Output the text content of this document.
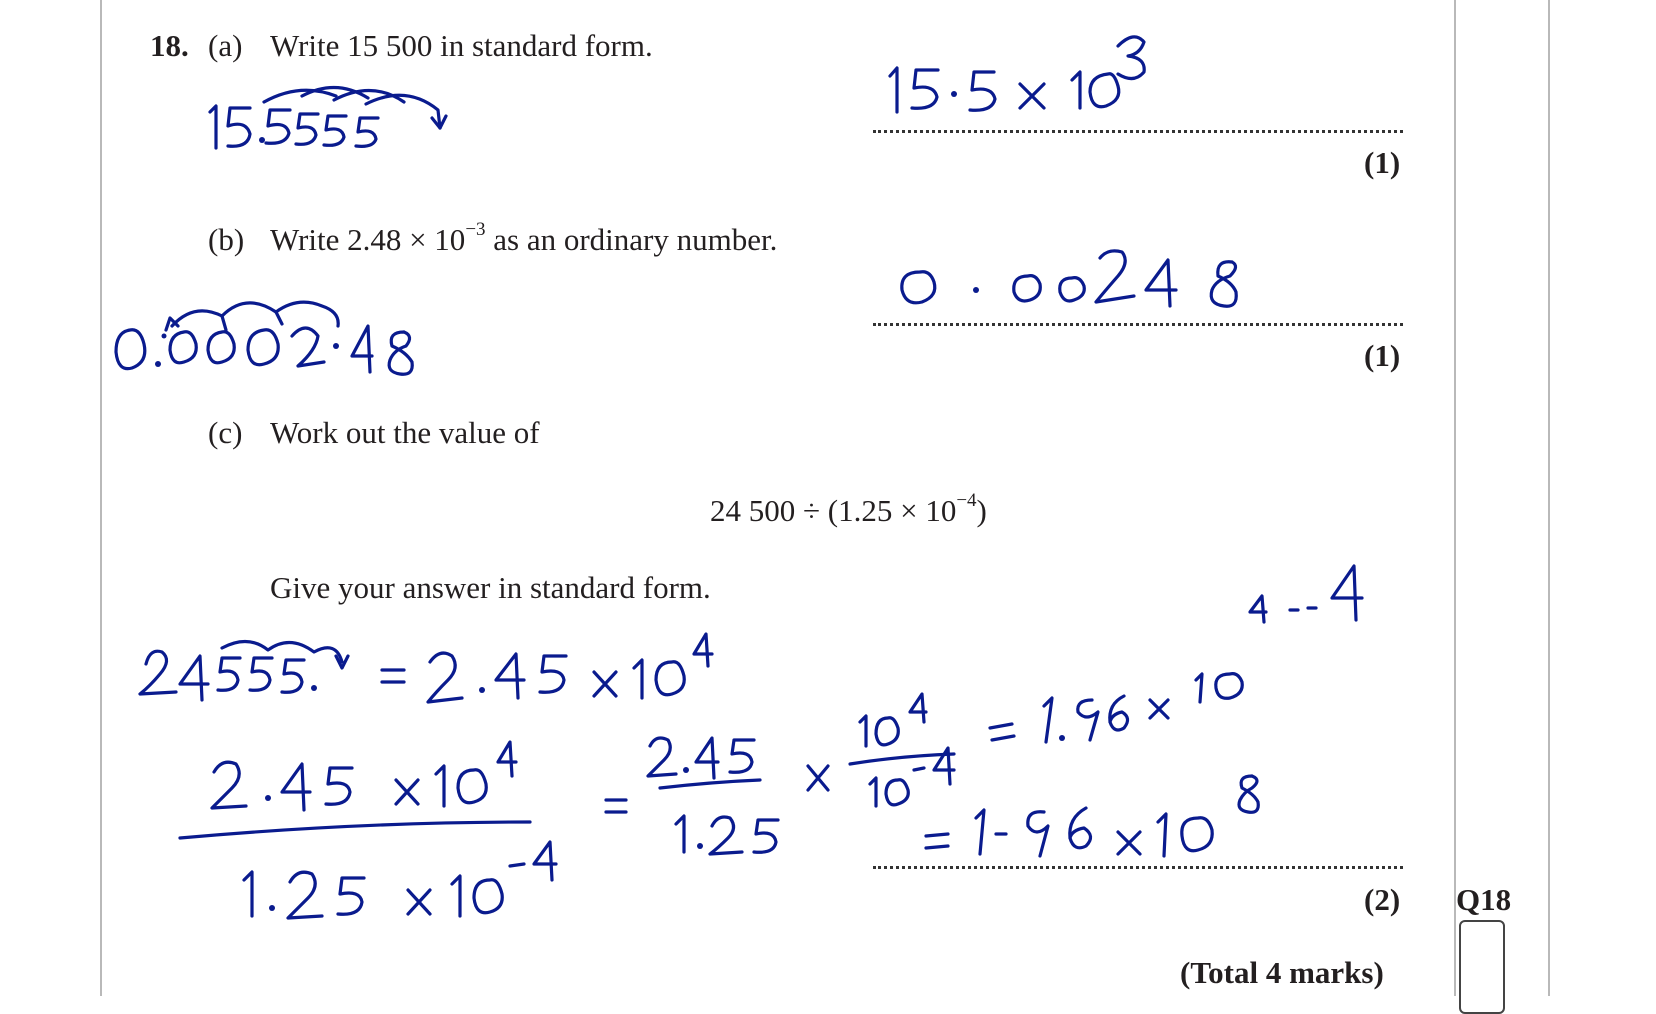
18. (a) Write 15 500 in standard form.
(1)
(b) Write $2.48 \times 10^{-3}$ as an ordinary number.
(1)
(c) Work out the value of
24 $500 \div (1.25 \times 10^{-4})$
Give your answer in standard form.
(2) Q18
(Total 4 marks)
